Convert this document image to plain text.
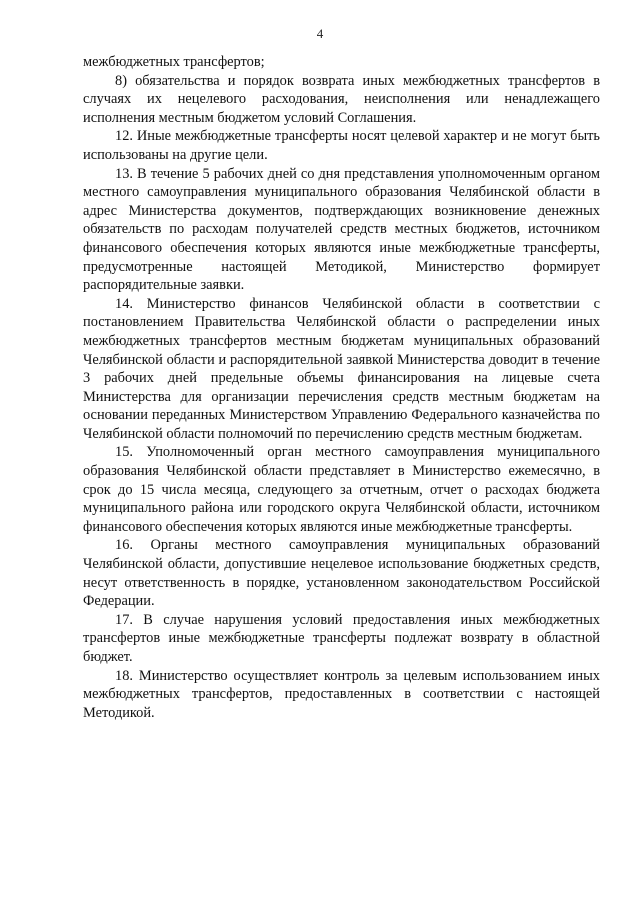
4

межбюджетных трансфертов;

8) обязательства и порядок возврата иных межбюджетных трансфертов в случаях их нецелевого расходования, неисполнения или ненадлежащего исполнения местным бюджетом условий Соглашения.

12. Иные межбюджетные трансферты носят целевой характер и не могут быть использованы на другие цели.

13. В течение 5 рабочих дней со дня представления уполномоченным органом местного самоуправления муниципального образования Челябинской области в адрес Министерства документов, подтверждающих возникновение денежных обязательств по расходам получателей средств местных бюджетов, источником финансового обеспечения которых являются иные межбюджетные трансферты, предусмотренные настоящей Методикой, Министерство формирует распорядительные заявки.

14. Министерство финансов Челябинской области в соответствии с постановлением Правительства Челябинской области о распределении иных межбюджетных трансфертов местным бюджетам муниципальных образований Челябинской области и распорядительной заявкой Министерства доводит в течение 3 рабочих дней предельные объемы финансирования на лицевые счета Министерства для организации перечисления средств местным бюджетам на основании переданных Министерством Управлению Федерального казначейства по Челябинской области полномочий по перечислению средств местным бюджетам.

15. Уполномоченный орган местного самоуправления муниципального образования Челябинской области представляет в Министерство ежемесячно, в срок до 15 числа месяца, следующего за отчетным, отчет о расходах бюджета муниципального района или городского округа Челябинской области, источником финансового обеспечения которых являются иные межбюджетные трансферты.

16. Органы местного самоуправления муниципальных образований Челябинской области, допустившие нецелевое использование бюджетных средств, несут ответственность в порядке, установленном законодательством Российской Федерации.

17. В случае нарушения условий предоставления иных межбюджетных трансфертов иные межбюджетные трансферты подлежат возврату в областной бюджет.

18. Министерство осуществляет контроль за целевым использованием иных межбюджетных трансфертов, предоставленных в соответствии с настоящей Методикой.
